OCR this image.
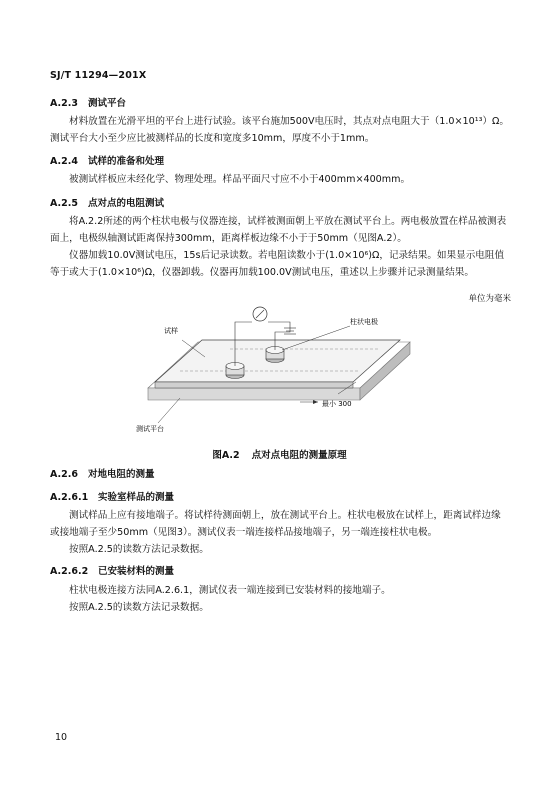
SJ/T 11294—201X
A.2.3 测试平台

材料放置在光滑平坦的平台上进行试验。该平台施加500V电压时，其点对点电阻大于（1.0×10¹³）Ω。测试平台大小至少应比被测样品的长度和宽度多10mm，厚度不小于1mm。

A.2.4 试样的准备和处理

被测试样板应未经化学、物理处理。样品平面尺寸应不小于400mm×400mm。

A.2.5 点对点的电阻测试

将A.2.2所述的两个柱状电极与仪器连接，试样被测面朝上平放在测试平台上。两电极放置在样品被测表面上，电极纵轴测试距离保持300mm，距离样板边缘不小于于50mm（见图A.2）。

仪器加载10.0V测试电压，15s后记录读数。若电阻读数小于(1.0×10⁶)Ω，记录结果。如果显示电阻值等于或大于(1.0×10⁶)Ω，仪器卸载。仪器再加载100.0V测试电压，重述以上步骤并记录测量结果。

单位为毫米
试样
柱状电极
测试平台
最小 300
图A.2 点对点电阻的测量原理
A.2.6 对地电阻的测量
A.2.6.1 实验室样品的测量

测试样品上应有接地端子。将试样待测面朝上，放在测试平台上。柱状电极放在试样上，距离试样边缘或接地端子至少50mm（见图3）。测试仪表一端连接样品接地端子，另一端连接柱状电极。

按照A.2.5的读数方法记录数据。

A.2.6.2 已安装材料的测量

柱状电极连接方法同A.2.6.1，测试仪表一端连接到已安装材料的接地端子。

按照A.2.5的读数方法记录数据。

10
